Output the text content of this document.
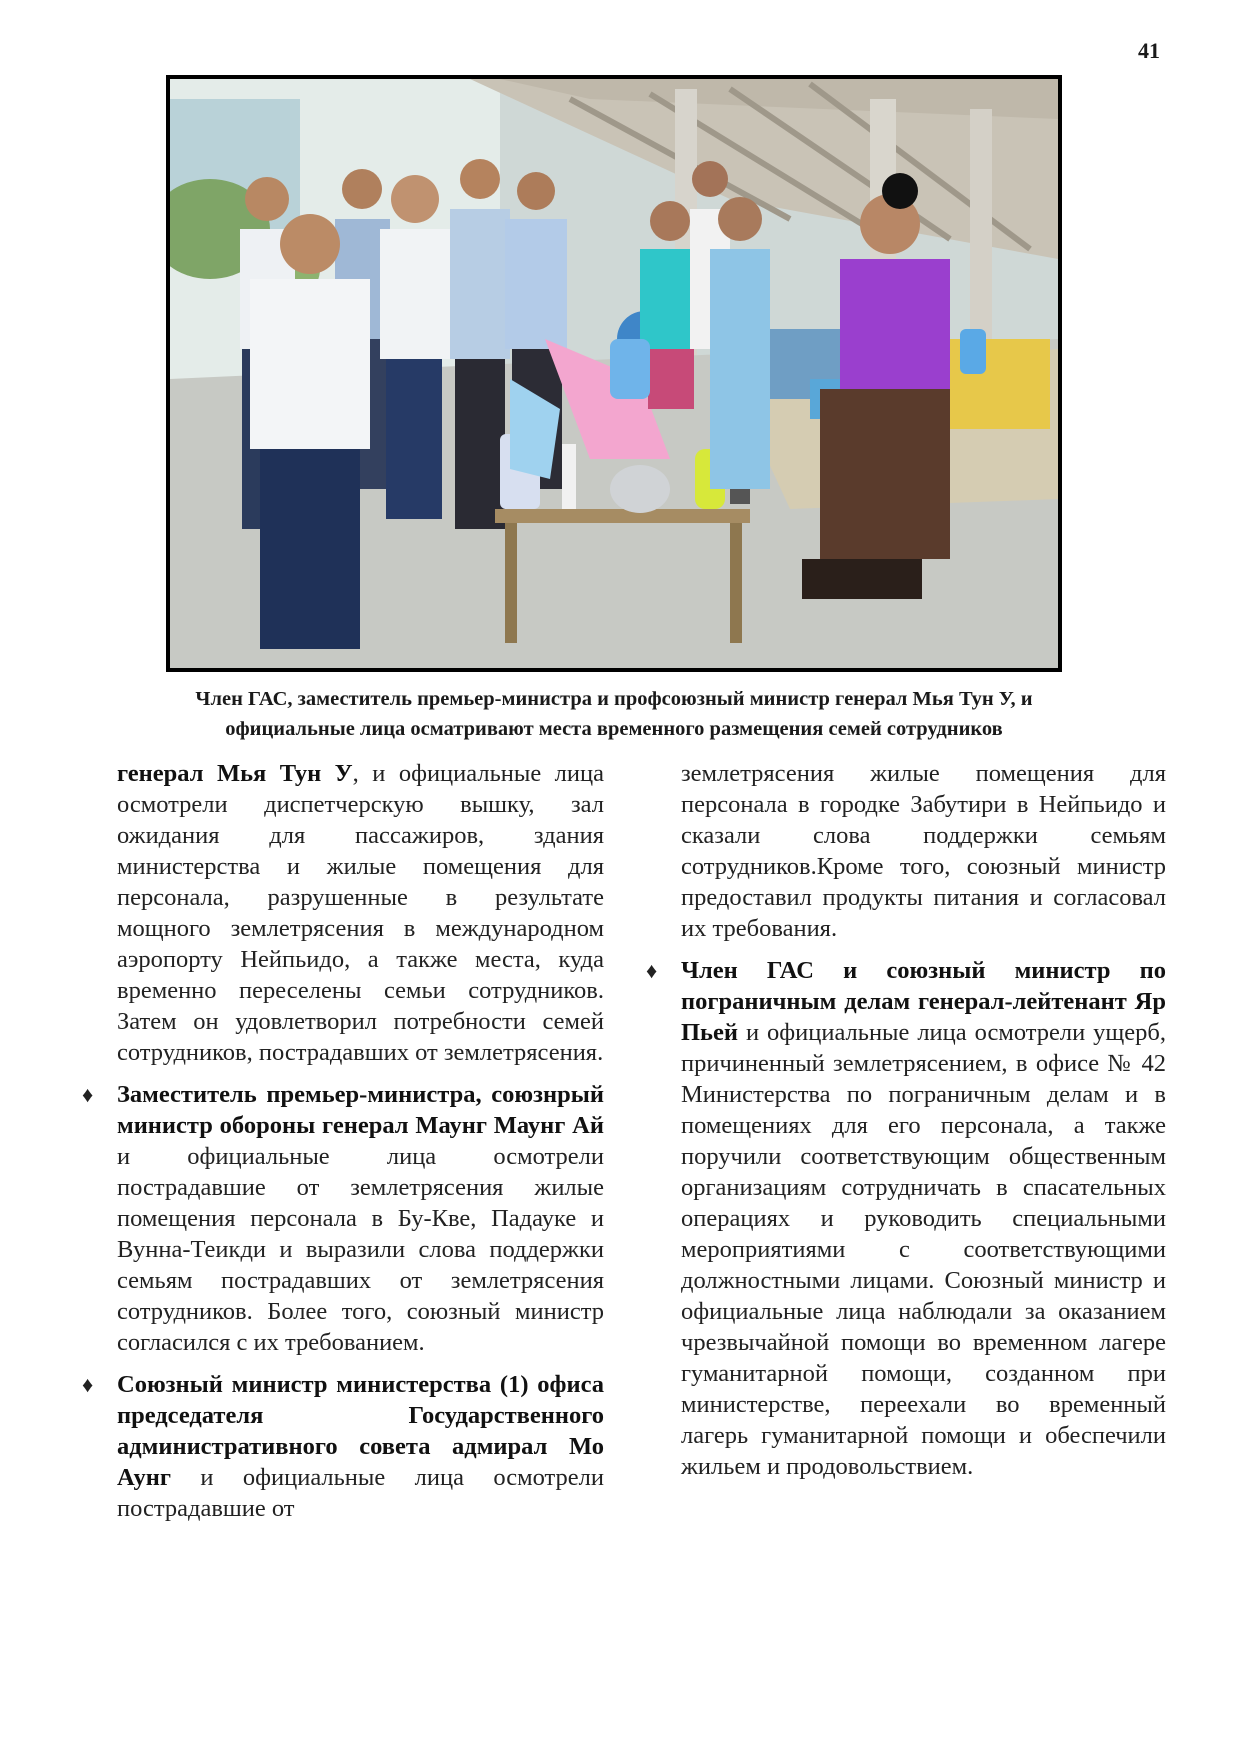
41
Член ГАС, заместитель премьер-министра и профсоюзный министр генерал Мья Тун У, и
официальные лица осматривают места временного размещения семей сотрудников

генерал Мья Тун У, и официальные лица осмотрели диспетчерскую вышку, зал ожидания для пассажиров, здания министерства и жилые помещения для персонала, разрушенные в результате мощного землетрясения в международном аэропорту Нейпьидо, а также места, куда временно переселены семьи сотрудников. Затем он удовлетворил потребности семей сотрудников, пострадавших от землетрясения.

♦ Заместитель премьер-министра, союзнрый министр обороны генерал Маунг Маунг Ай и официальные лица осмотрели пострадавшие от землетрясения жилые помещения персонала в Бу-Кве, Падауке и Вунна-Теикди и выразили слова поддержки семьям пострадавших от землетрясения сотрудников. Более того, союзный министр согласился с их требованием.

♦ Союзный министр министерства (1) офиса председателя Государственного административного совета адмирал Мо Аунг и официальные лица осмотрели пострадавшие от

землетрясения жилые помещения для персонала в городке Забутири в Нейпьидо и сказали слова поддержки семьям сотрудников.Кроме того, союзный министр предоставил продукты питания и согласовал их требования.

♦ Член ГАС и союзный министр по пограничным делам генерал-лейтенант Яр Пьей и официальные лица осмотрели ущерб, причиненный землетрясением, в офисе № 42 Министерства по пограничным делам и в помещениях для его персонала, а также поручили соответствующим общественным организациям сотрудничать в спасательных операциях и руководить специальными мероприятиями с соответствующими должностными лицами. Союзный министр и официальные лица наблюдали за оказанием чрезвычайной помощи во временном лагере гуманитарной помощи, созданном при министерстве, переехали во временный лагерь гуманитарной помощи и обеспечили жильем и продовольствием.
